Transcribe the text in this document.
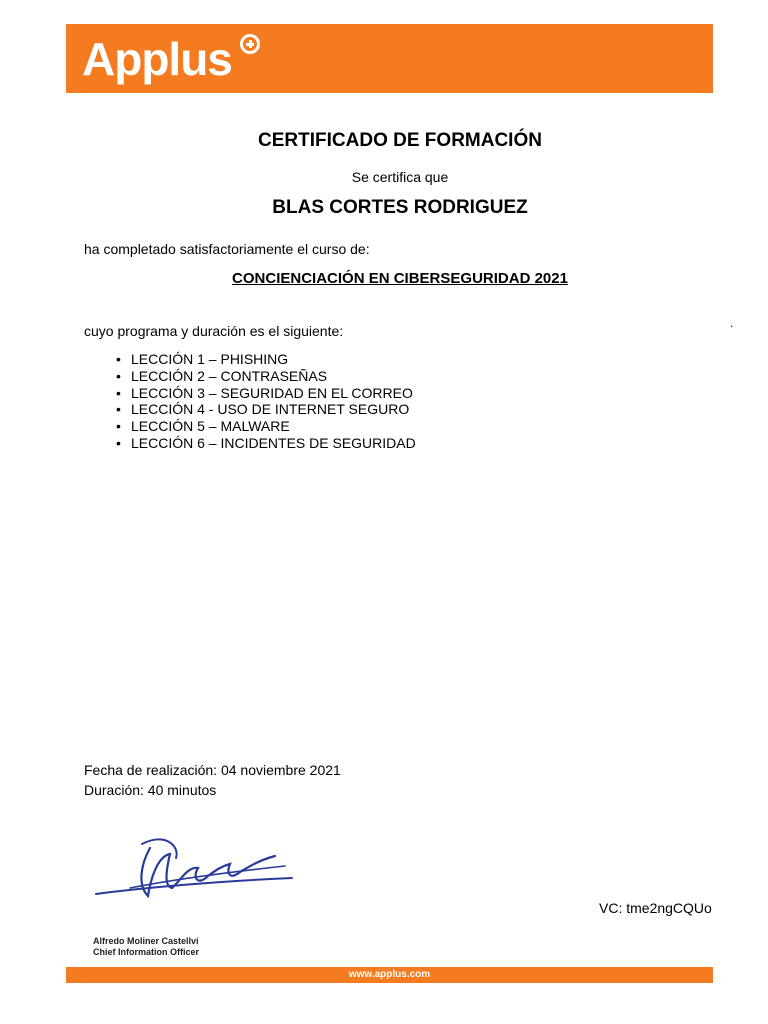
Applus
CERTIFICADO DE FORMACIÓN
Se certifica que
BLAS CORTES RODRIGUEZ
ha completado satisfactoriamente el curso de:
CONCIENCIACIÓN EN CIBERSEGURIDAD 2021
cuyo programa y duración es el siguiente:	.
• LECCIÓN 1 – PHISHING
• LECCIÓN 2 – CONTRASEÑAS
• LECCIÓN 3 – SEGURIDAD EN EL CORREO
• LECCIÓN 4 - USO DE INTERNET SEGURO
• LECCIÓN 5 – MALWARE
• LECCIÓN 6 – INCIDENTES DE SEGURIDAD
Fecha de realización: 04 noviembre 2021
Duración: 40 minutos
Alfredo Moliner Castellví
Chief Information Officer
VC: tme2ngCQUo
www.applus.com
